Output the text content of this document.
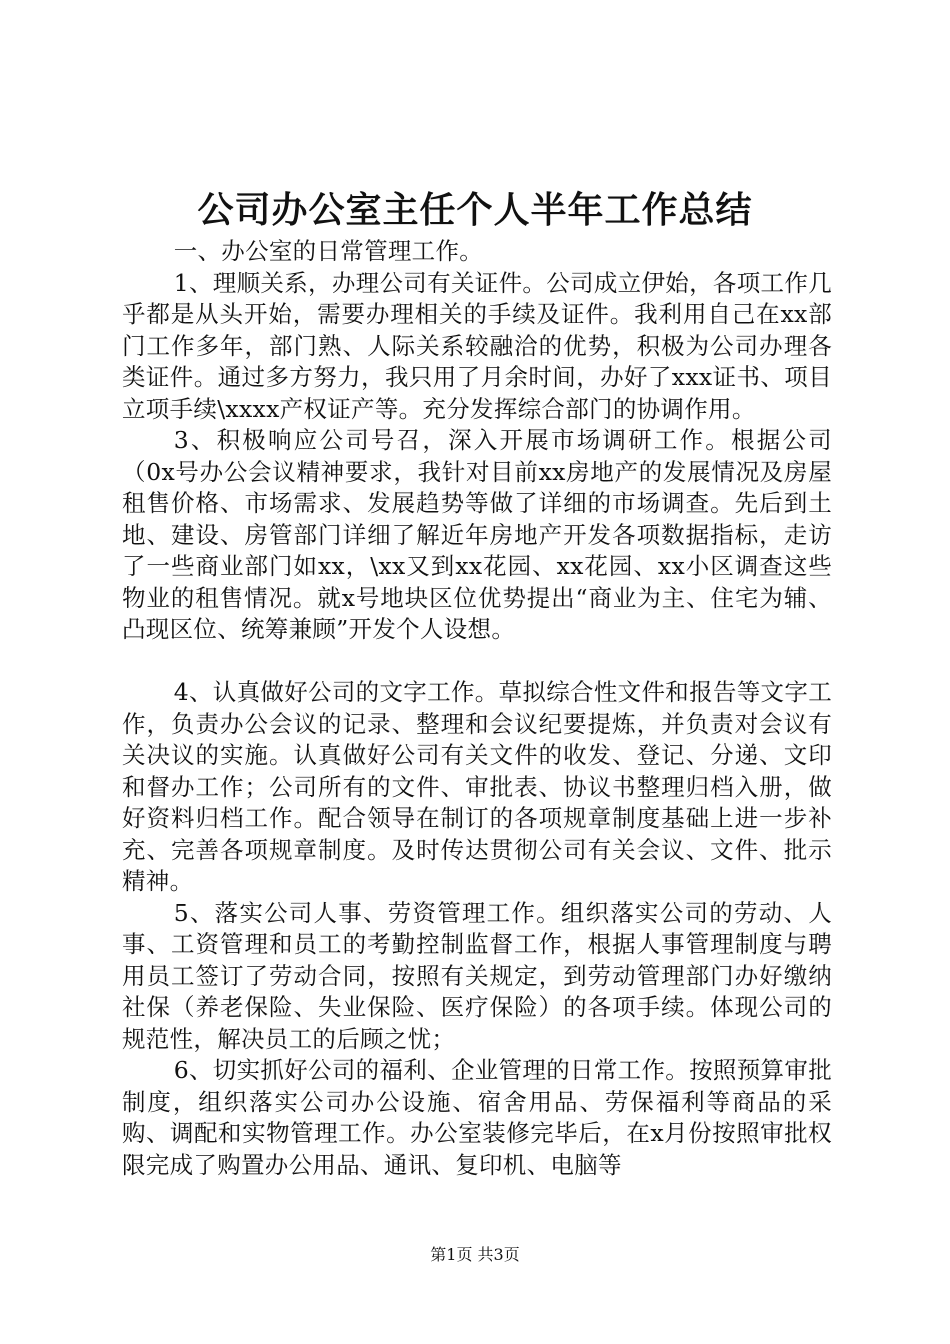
公司办公室主任个人半年工作总结

一、办公室的日常管理工作。

1、理顺关系，办理公司有关证件。公司成立伊始，各项工作几乎都是从头开始，需要办理相关的手续及证件。我利用自己在xx部门工作多年，部门熟、人际关系较融洽的优势，积极为公司办理各类证件。通过多方努力，我只用了月余时间，办好了xxx证书、项目立项手续\xxxx产权证产等。充分发挥综合部门的协调作用。

3、积极响应公司号召，深入开展市场调研工作。根据公司（0x号办公会议精神要求，我针对目前xx房地产的发展情况及房屋租售价格、市场需求、发展趋势等做了详细的市场调查。先后到土地、建设、房管部门详细了解近年房地产开发各项数据指标，走访了一些商业部门如xx，\xx又到xx花园、xx花园、xx小区调查这些物业的租售情况。就x号地块区位优势提出“商业为主、住宅为辅、凸现区位、统筹兼顾”开发个人设想。

4、认真做好公司的文字工作。草拟综合性文件和报告等文字工作，负责办公会议的记录、整理和会议纪要提炼，并负责对会议有关决议的实施。认真做好公司有关文件的收发、登记、分递、文印和督办工作；公司所有的文件、审批表、协议书整理归档入册，做好资料归档工作。配合领导在制订的各项规章制度基础上进一步补充、完善各项规章制度。及时传达贯彻公司有关会议、文件、批示精神。

5、落实公司人事、劳资管理工作。组织落实公司的劳动、人事、工资管理和员工的考勤控制监督工作，根据人事管理制度与聘用员工签订了劳动合同，按照有关规定，到劳动管理部门办好缴纳社保（养老保险、失业保险、医疗保险）的各项手续。体现公司的规范性，解决员工的后顾之忧；

6、切实抓好公司的福利、企业管理的日常工作。按照预算审批制度，组织落实公司办公设施、宿舍用品、劳保福利等商品的采购、调配和实物管理工作。办公室装修完毕后，在x月份按照审批权限完成了购置办公用品、通讯、复印机、电脑等

第1页 共3页
